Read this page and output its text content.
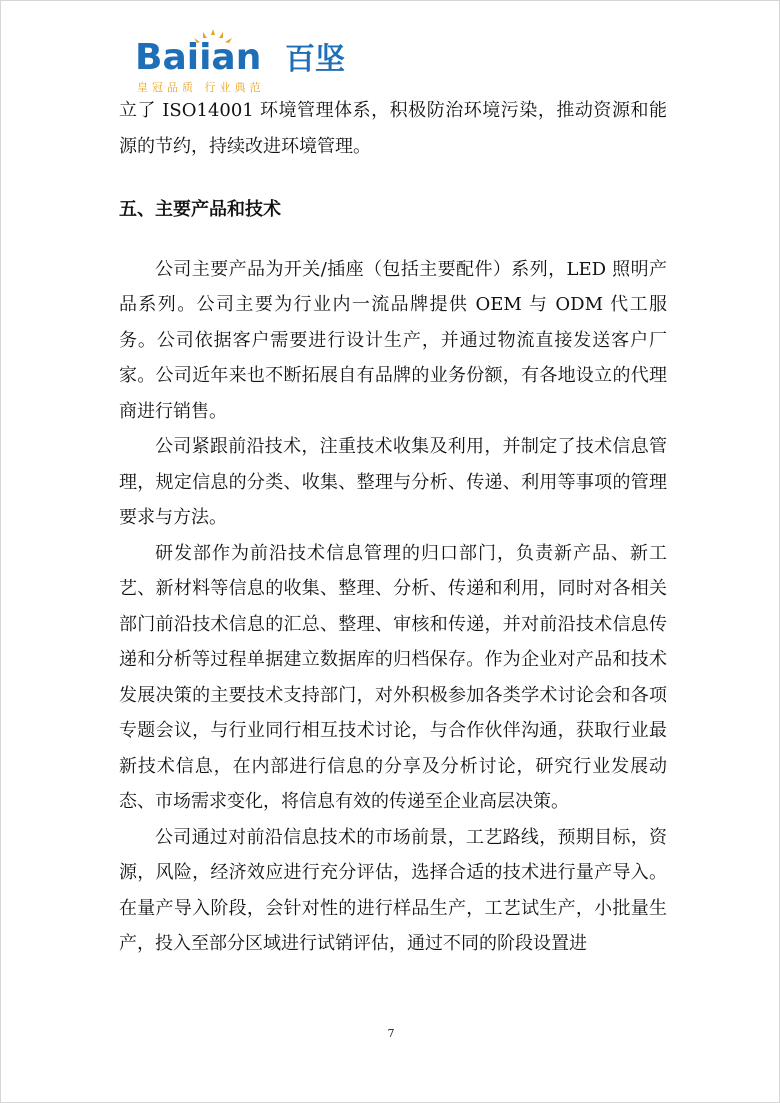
Baiian 百坚
皇冠品质 行业典范

立了 ISO14001 环境管理体系，积极防治环境污染，推动资源和能源的节约，持续改进环境管理。

五、主要产品和技术

公司主要产品为开关/插座（包括主要配件）系列，LED 照明产品系列。公司主要为行业内一流品牌提供 OEM 与 ODM 代工服务。公司依据客户需要进行设计生产，并通过物流直接发送客户厂家。公司近年来也不断拓展自有品牌的业务份额，有各地设立的代理商进行销售。

公司紧跟前沿技术，注重技术收集及利用，并制定了技术信息管理，规定信息的分类、收集、整理与分析、传递、利用等事项的管理要求与方法。

研发部作为前沿技术信息管理的归口部门，负责新产品、新工艺、新材料等信息的收集、整理、分析、传递和利用，同时对各相关部门前沿技术信息的汇总、整理、审核和传递，并对前沿技术信息传递和分析等过程单据建立数据库的归档保存。作为企业对产品和技术发展决策的主要技术支持部门，对外积极参加各类学术讨论会和各项专题会议，与行业同行相互技术讨论，与合作伙伴沟通，获取行业最新技术信息，在内部进行信息的分享及分析讨论，研究行业发展动态、市场需求变化，将信息有效的传递至企业高层决策。

公司通过对前沿信息技术的市场前景，工艺路线，预期目标，资源，风险，经济效应进行充分评估，选择合适的技术进行量产导入。在量产导入阶段，会针对性的进行样品生产，工艺试生产，小批量生产，投入至部分区域进行试销评估，通过不同的阶段设置进

7
